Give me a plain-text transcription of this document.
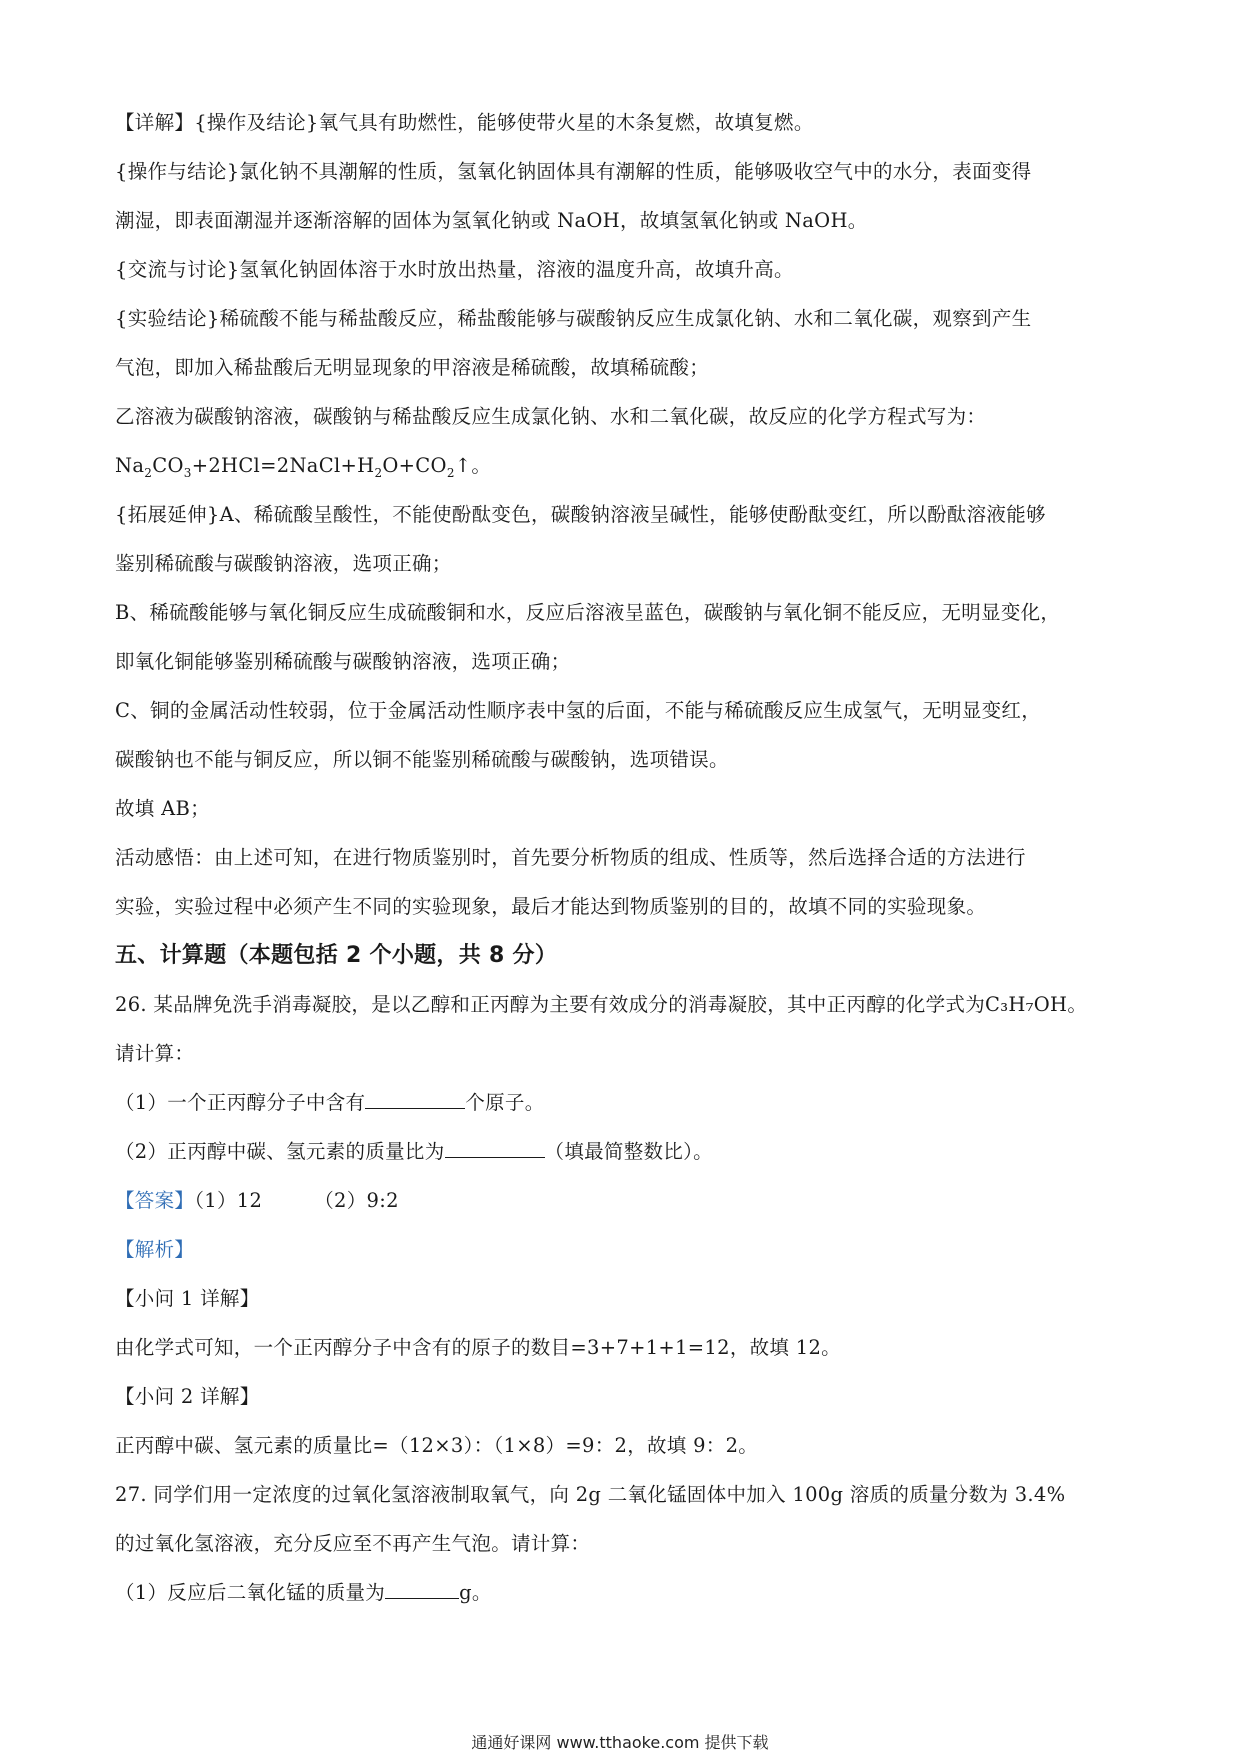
【详解】{操作及结论}氧气具有助燃性，能够使带火星的木条复燃，故填复燃。
{操作与结论}氯化钠不具潮解的性质，氢氧化钠固体具有潮解的性质，能够吸收空气中的水分，表面变得
潮湿，即表面潮湿并逐渐溶解的固体为氢氧化钠或 NaOH，故填氢氧化钠或 NaOH。
{交流与讨论}氢氧化钠固体溶于水时放出热量，溶液的温度升高，故填升高。
{实验结论}稀硫酸不能与稀盐酸反应，稀盐酸能够与碳酸钠反应生成氯化钠、水和二氧化碳，观察到产生
气泡，即加入稀盐酸后无明显现象的甲溶液是稀硫酸，故填稀硫酸；
乙溶液为碳酸钠溶液，碳酸钠与稀盐酸反应生成氯化钠、水和二氧化碳，故反应的化学方程式写为：
$Na_2CO_3+2HCl=2NaCl+H_2O+CO_2↑$。
{拓展延伸}A、稀硫酸呈酸性，不能使酚酞变色，碳酸钠溶液呈碱性，能够使酚酞变红，所以酚酞溶液能够
鉴别稀硫酸与碳酸钠溶液，选项正确；
B、稀硫酸能够与氧化铜反应生成硫酸铜和水，反应后溶液呈蓝色，碳酸钠与氧化铜不能反应，无明显变化，
即氧化铜能够鉴别稀硫酸与碳酸钠溶液，选项正确；
C、铜的金属活动性较弱，位于金属活动性顺序表中氢的后面，不能与稀硫酸反应生成氢气，无明显变红，
碳酸钠也不能与铜反应，所以铜不能鉴别稀硫酸与碳酸钠，选项错误。
故填 AB；
活动感悟：由上述可知，在进行物质鉴别时，首先要分析物质的组成、性质等，然后选择合适的方法进行
实验，实验过程中必须产生不同的实验现象，最后才能达到物质鉴别的目的，故填不同的实验现象。
五、计算题（本题包括 2 个小题，共 8 分）
26. 某品牌免洗手消毒凝胶，是以乙醇和正丙醇为主要有效成分的消毒凝胶，其中正丙醇的化学式为C₃H₇OH。
请计算：
（1）一个正丙醇分子中含有	个原子。
（2）正丙醇中碳、氢元素的质量比为	（填最简整数比）。
【答案】（1）12	（2）9:2
【解析】
【小问 1 详解】
由化学式可知，一个正丙醇分子中含有的原子的数目=3+7+1+1=12，故填 12。
【小问 2 详解】
正丙醇中碳、氢元素的质量比=（12×3）：（1×8）=9：2，故填 9：2。
27. 同学们用一定浓度的过氧化氢溶液制取氧气，向 2g 二氧化锰固体中加入 100g 溶质的质量分数为 3.4%
的过氧化氢溶液，充分反应至不再产生气泡。请计算：
（1）反应后二氧化锰的质量为	g。
通通好课网 www.tthaoke.com 提供下载
